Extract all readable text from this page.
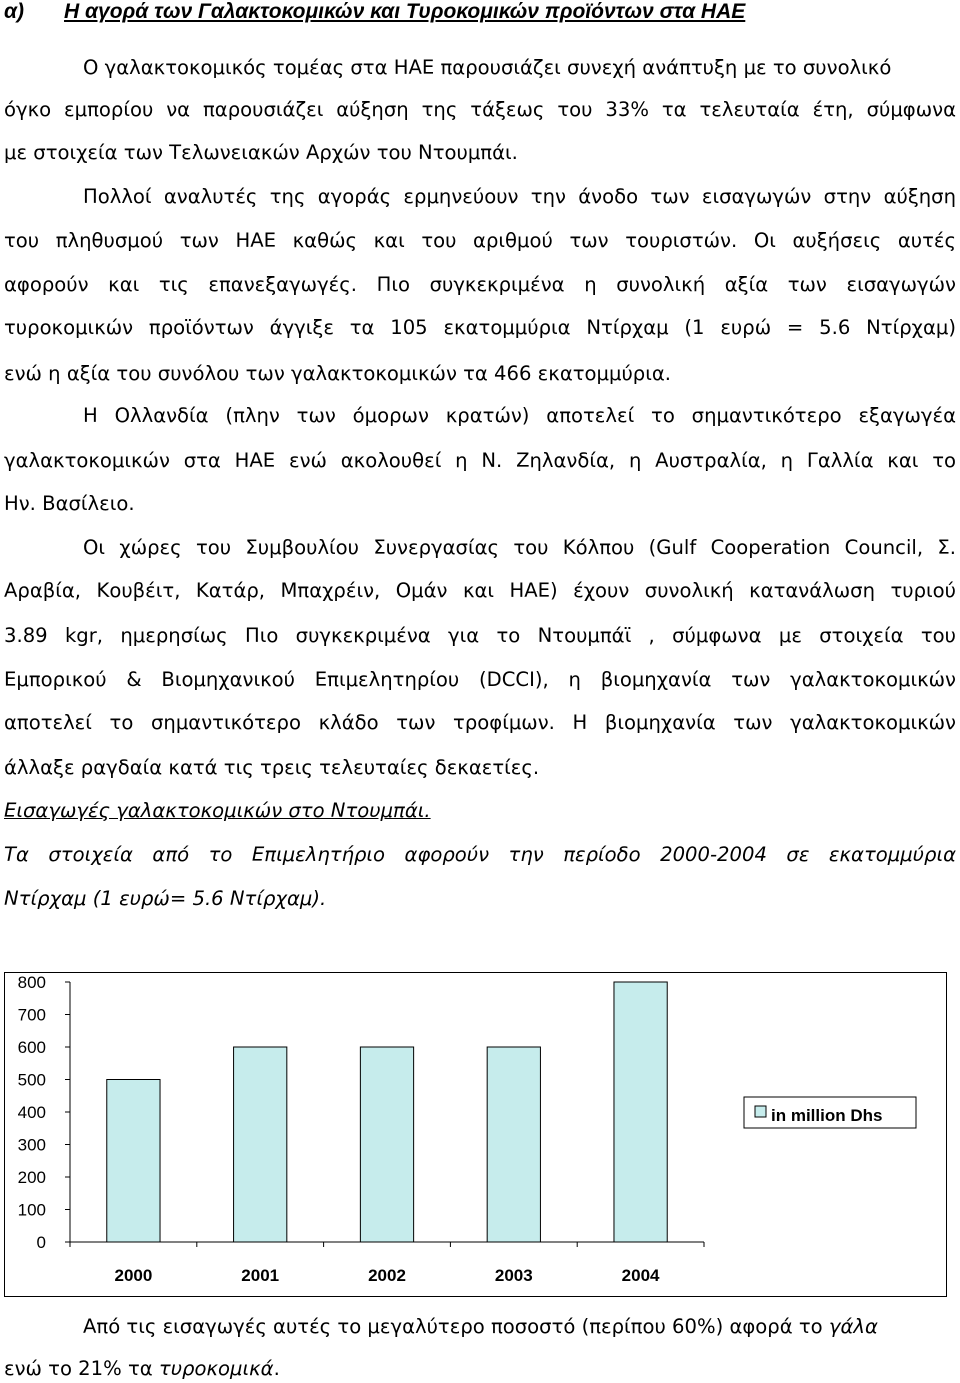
α) Η αγορά των Γαλακτοκομικών και Τυροκομικών προϊόντων στα ΗΑΕ
Ο γαλακτοκομικός τομέας στα ΗΑΕ παρουσιάζει συνεχή ανάπτυξη με το συνολικό
όγκο εμπορίου να παρουσιάζει αύξηση της τάξεως του 33% τα τελευταία έτη, σύμφωνα
με στοιχεία των Τελωνειακών Αρχών του Ντουμπάι.
Πολλοί αναλυτές της αγοράς ερμηνεύουν την άνοδο των εισαγωγών στην αύξηση
του πληθυσμού των ΗΑΕ καθώς και του αριθμού των τουριστών. Οι αυξήσεις αυτές
αφορούν και τις επανεξαγωγές. Πιο συγκεκριμένα η συνολική αξία των εισαγωγών
τυροκομικών προϊόντων άγγιξε τα 105 εκατομμύρια Ντίρχαμ (1 ευρώ = 5.6 Ντίρχαμ)
ενώ η αξία του συνόλου των γαλακτοκομικών τα 466 εκατομμύρια.
Η Ολλανδία (πλην των όμορων κρατών) αποτελεί το σημαντικότερο εξαγωγέα
γαλακτοκομικών στα ΗΑΕ ενώ ακολουθεί η Ν. Ζηλανδία, η Αυστραλία, η Γαλλία και το
Ην. Βασίλειο.
Οι χώρες του Συμβουλίου Συνεργασίας του Κόλπου (Gulf Cooperation Council, Σ.
Αραβία, Κουβέιτ, Κατάρ, Μπαχρέιν, Ομάν και ΗΑΕ) έχουν συνολική κατανάλωση τυριού
3.89 kgr, ημερησίως Πιο συγκεκριμένα για το Ντουμπάϊ , σύμφωνα με στοιχεία του
Εμπορικού & Βιομηχανικού Επιμελητηρίου (DCCI), η βιομηχανία των γαλακτοκομικών
αποτελεί το σημαντικότερο κλάδο των τροφίμων. Η βιομηχανία των γαλακτοκομικών
άλλαξε ραγδαία κατά τις τρεις τελευταίες δεκαετίες.
Εισαγωγές γαλακτοκομικών στο Ντουμπάι.
Τα στοιχεία από το Επιμελητήριο αφορούν την περίοδο 2000-2004 σε εκατομμύρια
Ντίρχαμ (1 ευρώ= 5.6 Ντίρχαμ).
0
100
200
300
400
500
600
700
800
2000	2001	2002	2003	2004
in million Dhs
Από τις εισαγωγές αυτές το μεγαλύτερο ποσοστό (περίπου 60%) αφορά το γάλα
ενώ το 21% τα τυροκομικά.
